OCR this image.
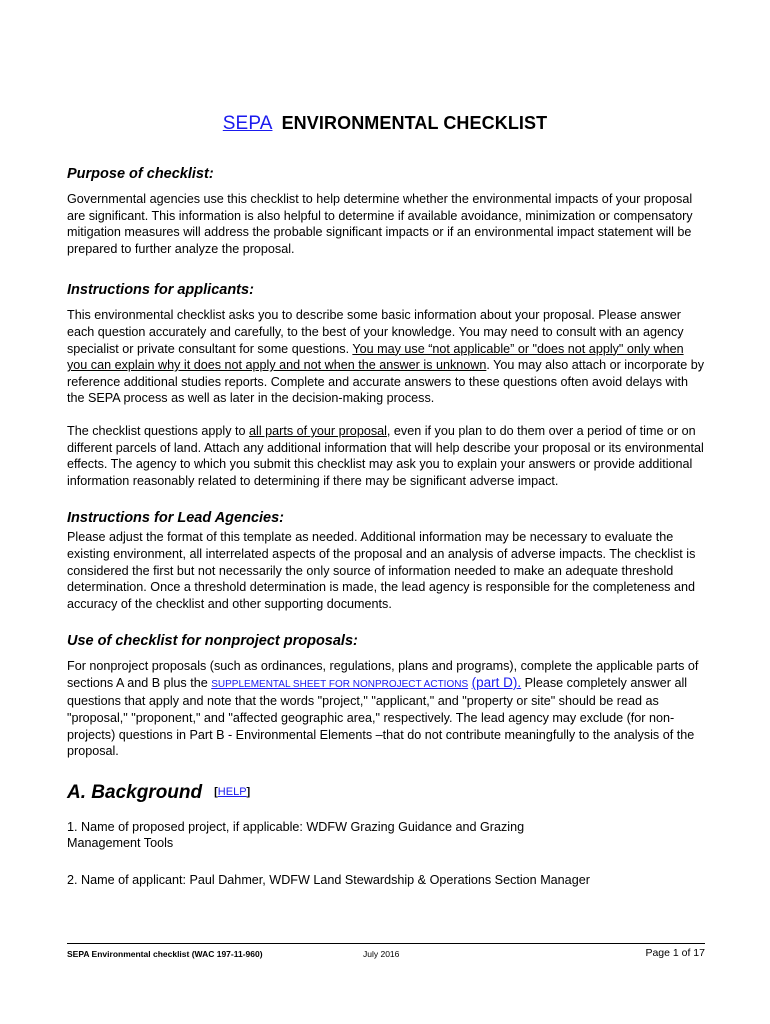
SEPA ENVIRONMENTAL CHECKLIST
Purpose of checklist:

Governmental agencies use this checklist to help determine whether the environmental impacts of your proposal are significant. This information is also helpful to determine if available avoidance, minimization or compensatory mitigation measures will address the probable significant impacts or if an environmental impact statement will be prepared to further analyze the proposal.

Instructions for applicants:

This environmental checklist asks you to describe some basic information about your proposal. Please answer each question accurately and carefully, to the best of your knowledge. You may need to consult with an agency specialist or private consultant for some questions. You may use “not applicable” or "does not apply" only when you can explain why it does not apply and not when the answer is unknown. You may also attach or incorporate by reference additional studies reports. Complete and accurate answers to these questions often avoid delays with the SEPA process as well as later in the decision-making process.

The checklist questions apply to all parts of your proposal, even if you plan to do them over a period of time or on different parcels of land. Attach any additional information that will help describe your proposal or its environmental effects. The agency to which you submit this checklist may ask you to explain your answers or provide additional information reasonably related to determining if there may be significant adverse impact.

Instructions for Lead Agencies:

Please adjust the format of this template as needed. Additional information may be necessary to evaluate the existing environment, all interrelated aspects of the proposal and an analysis of adverse impacts. The checklist is considered the first but not necessarily the only source of information needed to make an adequate threshold determination. Once a threshold determination is made, the lead agency is responsible for the completeness and accuracy of the checklist and other supporting documents.

Use of checklist for nonproject proposals:

For nonproject proposals (such as ordinances, regulations, plans and programs), complete the applicable parts of sections A and B plus the SUPPLEMENTAL SHEET FOR NONPROJECT ACTIONS (part D). Please completely answer all questions that apply and note that the words "project," "applicant," and "property or site" should be read as "proposal," "proponent," and "affected geographic area," respectively. The lead agency may exclude (for non-projects) questions in Part B - Environmental Elements –that do not contribute meaningfully to the analysis of the proposal.

A. Background [HELP]

1. Name of proposed project, if applicable: WDFW Grazing Guidance and Grazing Management Tools

2. Name of applicant: Paul Dahmer, WDFW Land Stewardship & Operations Section Manager

SEPA Environmental checklist (WAC 197-11-960)	July 2016	Page 1 of 17
